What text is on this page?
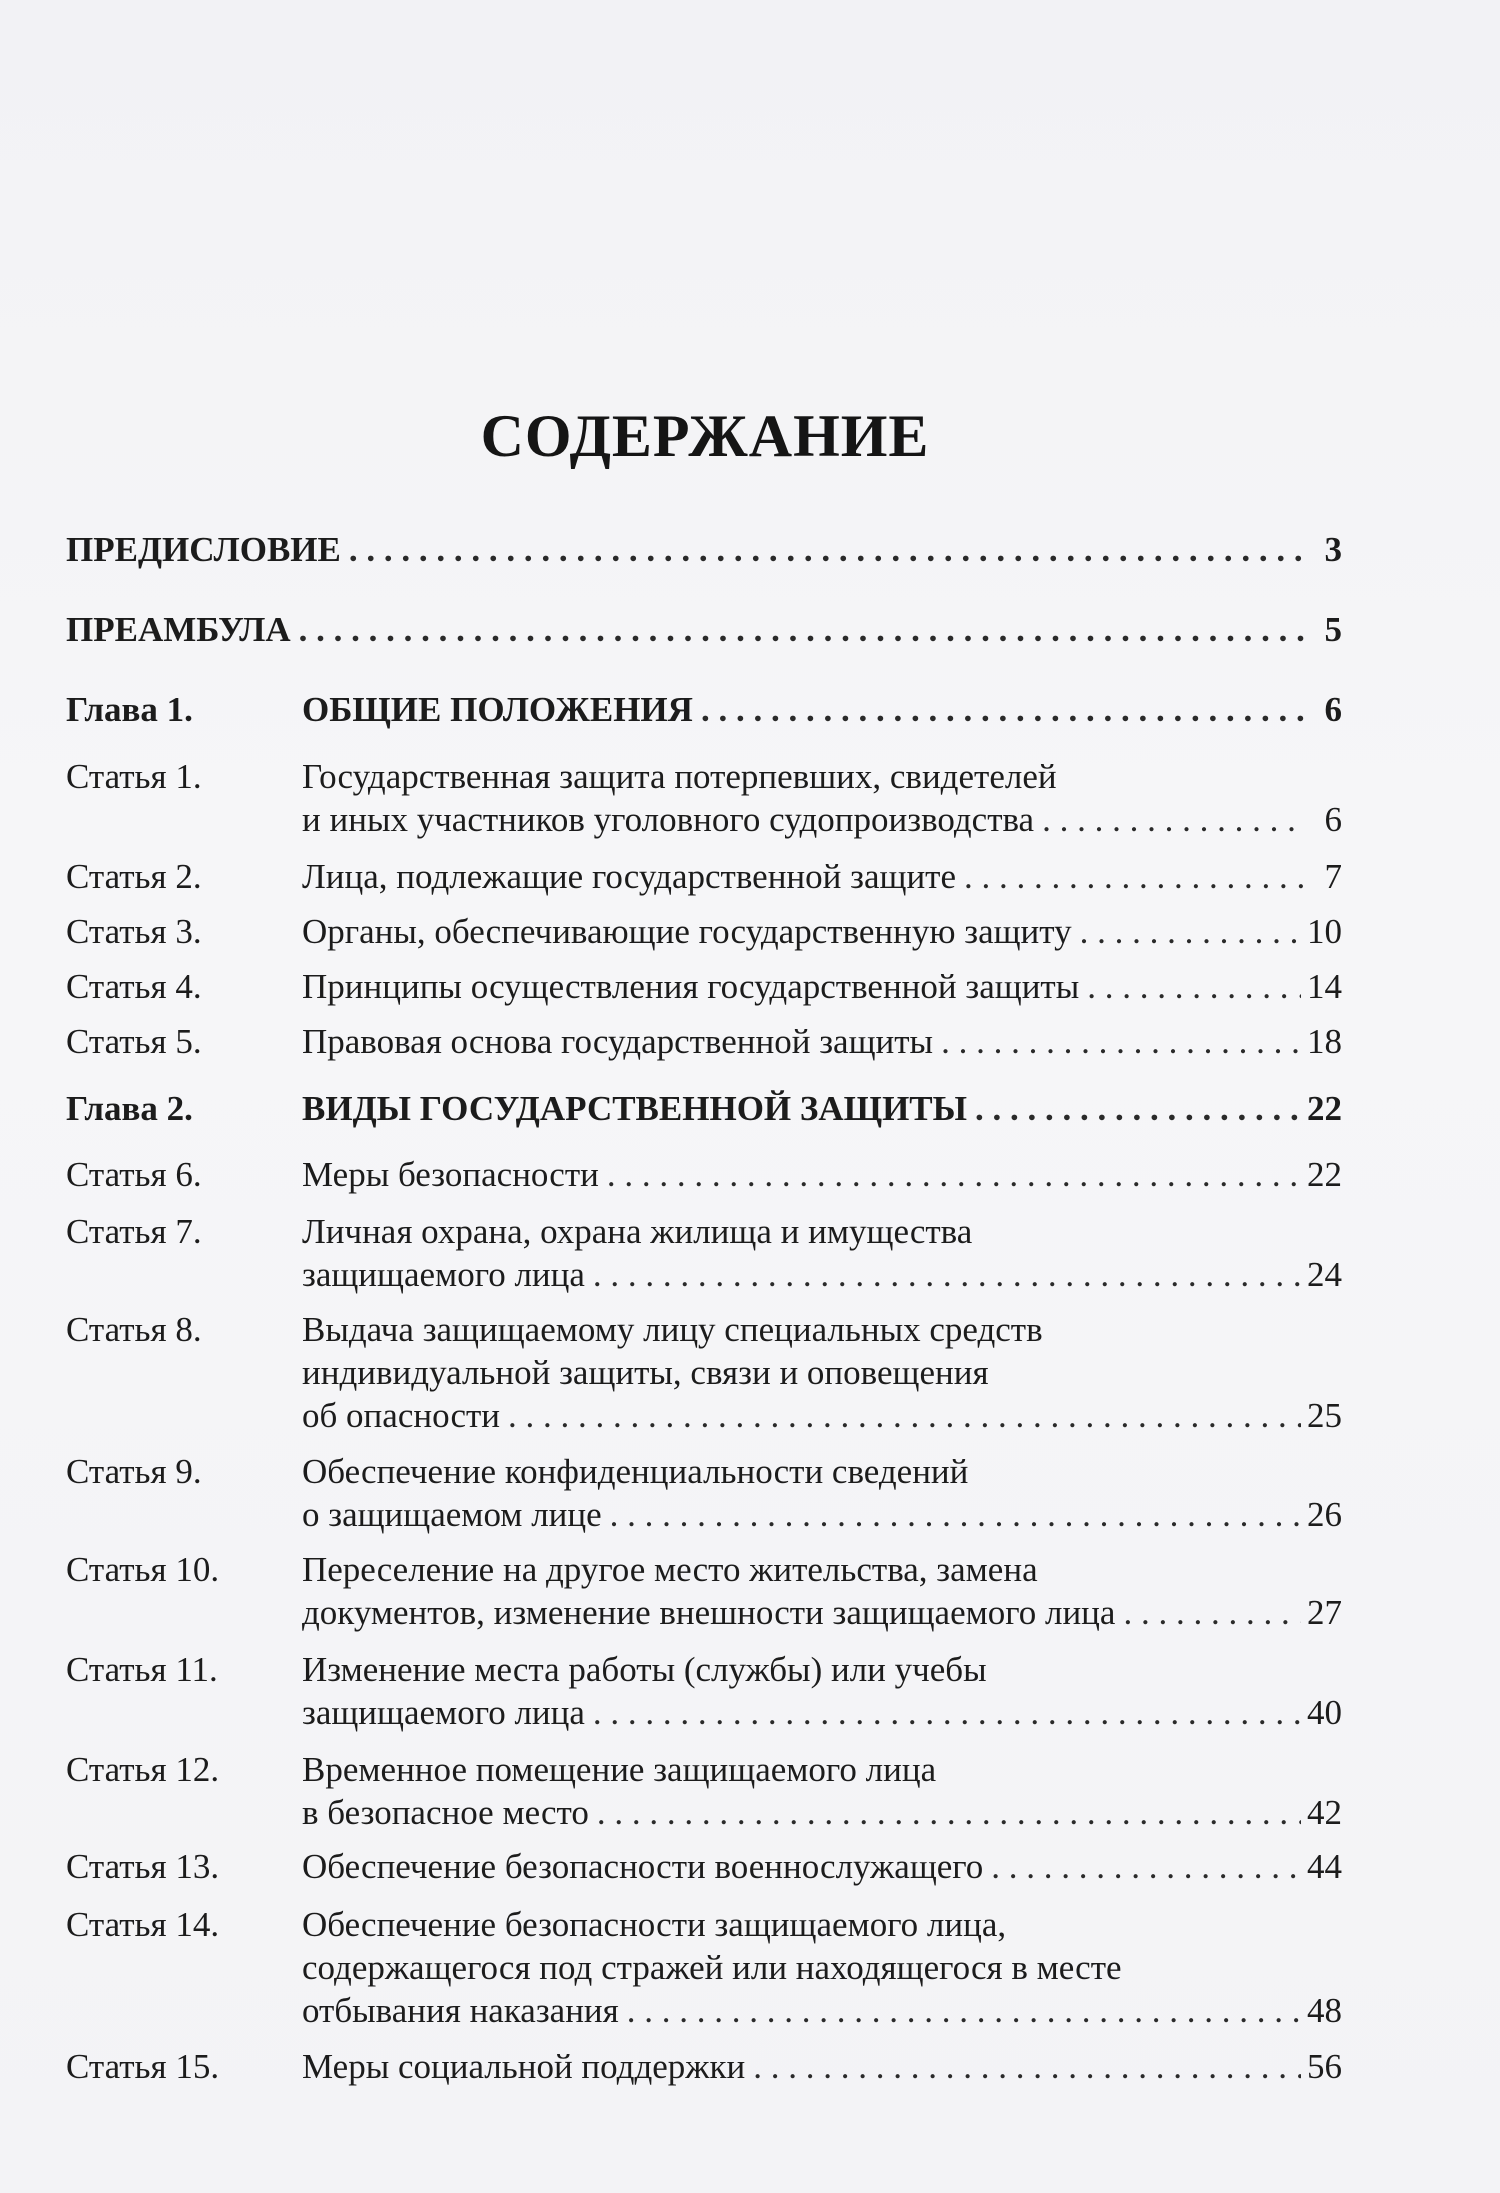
СОДЕРЖАНИЕ
ПРЕДИСЛОВИЕ . . .	3
ПРЕАМБУЛА . . .	5
Глава 1.	ОБЩИЕ ПОЛОЖЕНИЯ . . .	6
Статья 1.	Государственная защита потерпевших, свидетелей
и иных участников уголовного судопроизводства . . .	6
Статья 2.	Лица, подлежащие государственной защите . . .	7
Статья 3.	Органы, обеспечивающие государственную защиту . . .	10
Статья 4.	Принципы осуществления государственной защиты . . .	14
Статья 5.	Правовая основа государственной защиты . . .	18
Глава 2.	ВИДЫ ГОСУДАРСТВЕННОЙ ЗАЩИТЫ . . .	22
Статья 6.	Меры безопасности . . .	22
Статья 7.	Личная охрана, охрана жилища и имущества
защищаемого лица . . .	24
Статья 8.	Выдача защищаемому лицу специальных средств
индивидуальной защиты, связи и оповещения
об опасности . . .	25
Статья 9.	Обеспечение конфиденциальности сведений
о защищаемом лице . . .	26
Статья 10.	Переселение на другое место жительства, замена
документов, изменение внешности защищаемого лица . . .	27
Статья 11.	Изменение места работы (службы) или учебы
защищаемого лица . . .	40
Статья 12.	Временное помещение защищаемого лица
в безопасное место . . .	42
Статья 13.	Обеспечение безопасности военнослужащего . . .	44
Статья 14.	Обеспечение безопасности защищаемого лица,
содержащегося под стражей или находящегося в месте
отбывания наказания . . .	48
Статья 15.	Меры социальной поддержки . . .	56
